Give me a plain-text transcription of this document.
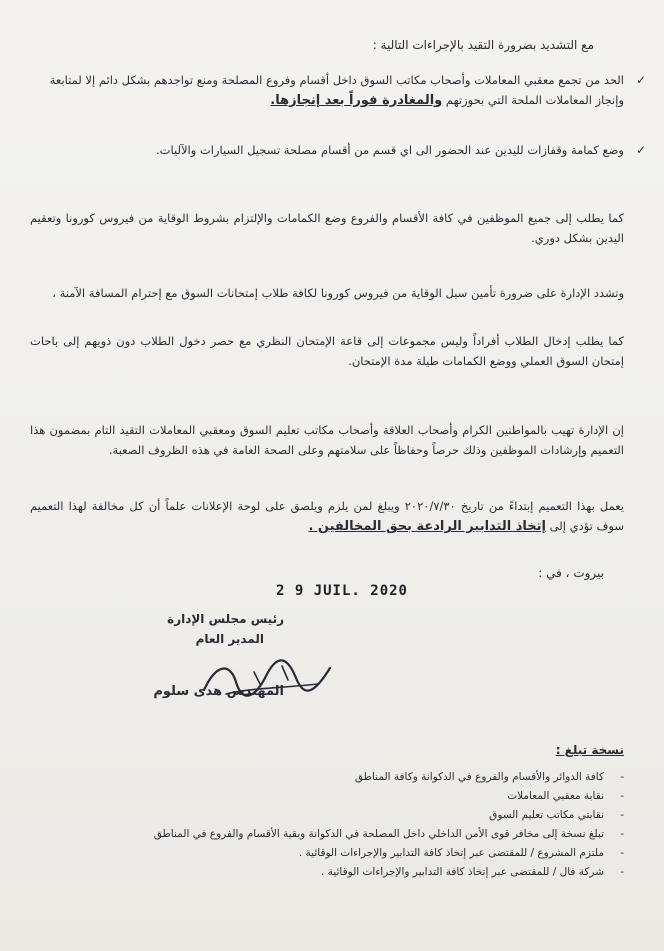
مع التشديد بضرورة التقيد بالإجراءات التالية :
✓
الحد من تجمع معقبي المعاملات وأصحاب مكاتب السوق داخل أقسام وفروع المصلحة ومنع تواجدهم بشكل دائم إلا لمتابعة وإنجاز المعاملات الملحة التي بحوزتهم والمغادرة فوراً بعد إنجازها.
✓
وضع كمامة وقفازات لليدين عند الحضور الى اي قسم من أقسام مصلحة تسجيل السيارات والآليات.
كما يطلب إلى جميع الموظفين في كافة الأقسام والفروع وضع الكمامات والإلتزام بشروط الوقاية من فيروس كورونا وتعقيم اليدين بشكل دوري.
وتشدد الإدارة على ضرورة تأمين سبل الوقاية من فيروس كورونا لكافة طلاب إمتحانات السوق مع إحترام المسافة الآمنة ،
كما يطلب إدخال الطلاب أفراداً وليس مجموعات إلى قاعة الإمتحان النظري مع حصر دخول الطلاب دون ذويهم إلى باحات إمتحان السوق العملي ووضع الكمامات طيلة مدة الإمتحان.
إن الإدارة تهيب بالمواطنين الكرام وأصحاب العلاقة وأصحاب مكاتب تعليم السوق ومعقبي المعاملات التقيد التام بمضمون هذا التعميم وإرشادات الموظفين وذلك حرصاً وحفاظاً على سلامتهم وعلى الصحة العامة في هذه الظروف الصعبة.
يعمل بهذا التعميم إبتداءً من تاريخ ٢٠٢٠/٧/٣٠ ويبلغ لمن يلزم ويلصق على لوحة الإعلانات علماً أن كل مخالفة لهذا التعميم سوف تؤدي إلى إتخاذ التدابير الرادعة بحق المخالفين .
بيروت ، في :
2 9 JUIL. 2020
رئيس مجلس الإدارة
المدير العام
المهندس هدى سلوم
نسخة تبلغ :
-
كافة الدوائر والأقسام والفروع في الدكوانة وكافة المناطق
-
نقابة معقبي المعاملات
-
نقابتي مكاتب تعليم السوق
-
تبلغ نسخة إلى مخافر قوى الأمن الداخلي داخل المصلحة في الدكوانة وبقية الأقسام والفروع في المناطق
-
ملتزم المشروع / للمقتضى عبر إتخاذ كافة التدابير والإجراءات الوقائية .
-
شركة فال / للمقتضى عبر إتخاذ كافة التدابير والإجراءات الوقائية .
